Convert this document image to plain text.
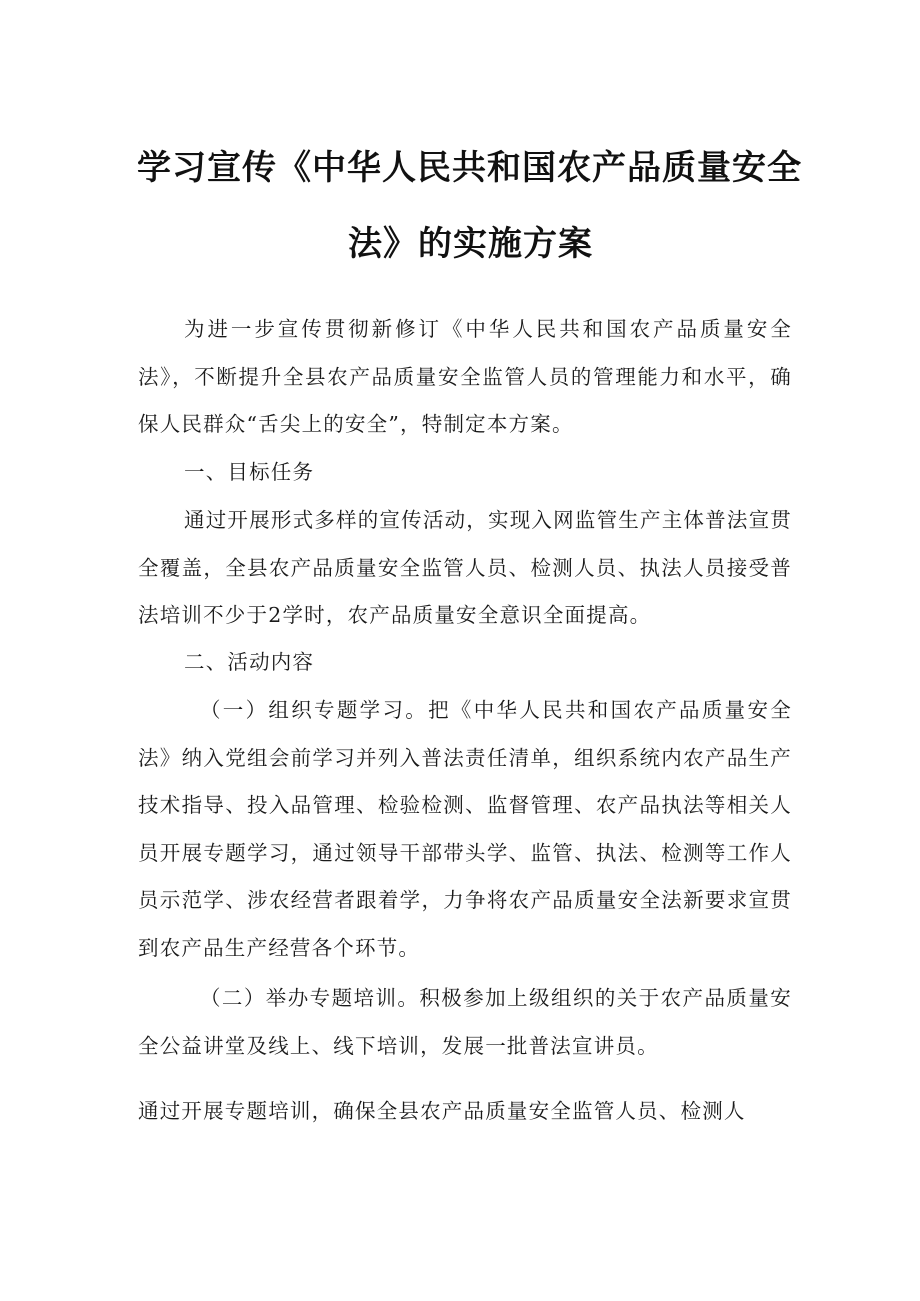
学习宣传《中华人民共和国农产品质量安全
法》的实施方案
为进一步宣传贯彻新修订《中华人民共和国农产品质量安全法》，不断提升全县农产品质量安全监管人员的管理能力和水平，确保人民群众“舌尖上的安全”，特制定本方案。
一、目标任务
通过开展形式多样的宣传活动，实现入网监管生产主体普法宣贯全覆盖，全县农产品质量安全监管人员、检测人员、执法人员接受普法培训不少于2学时，农产品质量安全意识全面提高。
二、活动内容
（一）组织专题学习。把《中华人民共和国农产品质量安全法》纳入党组会前学习并列入普法责任清单，组织系统内农产品生产技术指导、投入品管理、检验检测、监督管理、农产品执法等相关人员开展专题学习，通过领导干部带头学、监管、执法、检测等工作人员示范学、涉农经营者跟着学，力争将农产品质量安全法新要求宣贯到农产品生产经营各个环节。
（二）举办专题培训。积极参加上级组织的关于农产品质量安全公益讲堂及线上、线下培训，发展一批普法宣讲员。
通过开展专题培训，确保全县农产品质量安全监管人员、检测人
